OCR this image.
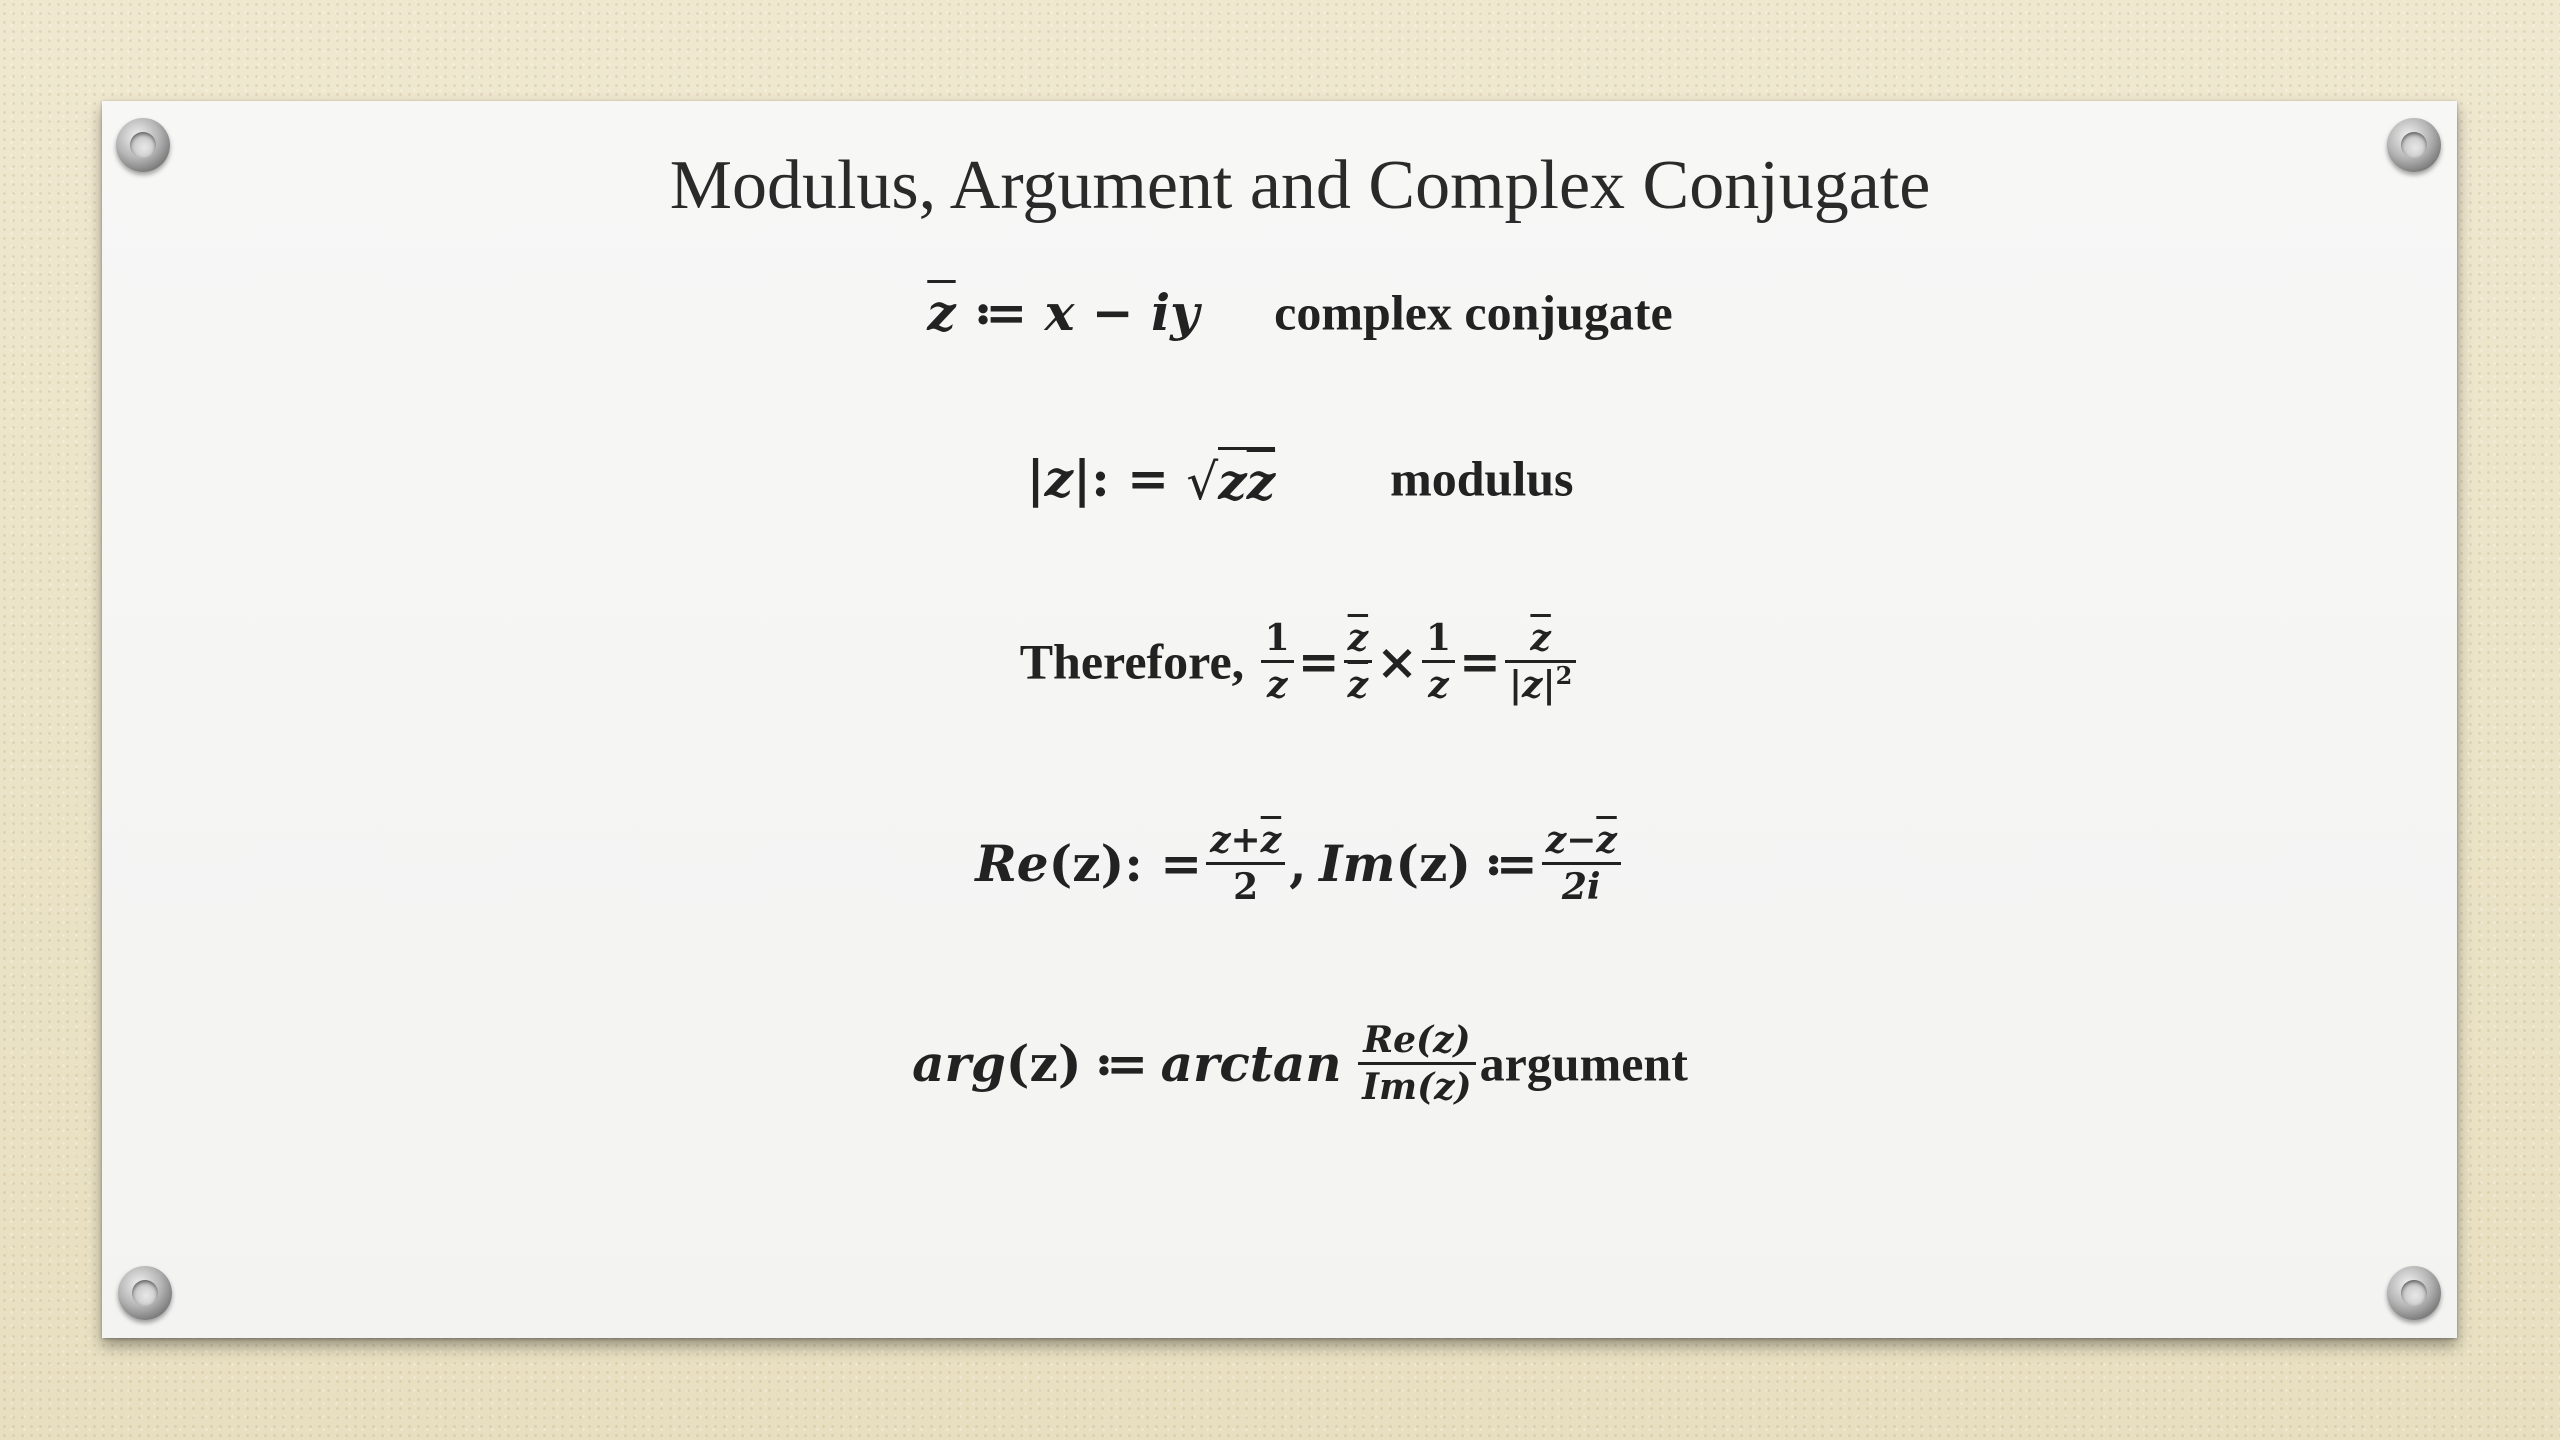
Modulus, Argument and Complex Conjugate
$\overline{z}$ ≔ x − iy complex conjugate
|z|: = $√z\overline{z}$ modulus
Therefore, $\frac{1}{z} = \frac{\overline{z}}{z} \times \frac{1}{z} = \frac{\overline{z}}{|z|^2}$
Re(z): = $\frac{z+\overline{z}}{2}$ , Im(z) ≔ $\frac{z-\overline{z}}{2i}$
arg(z) ≔ $\arctan \frac{Re(z)}{Im(z)}$ argument
